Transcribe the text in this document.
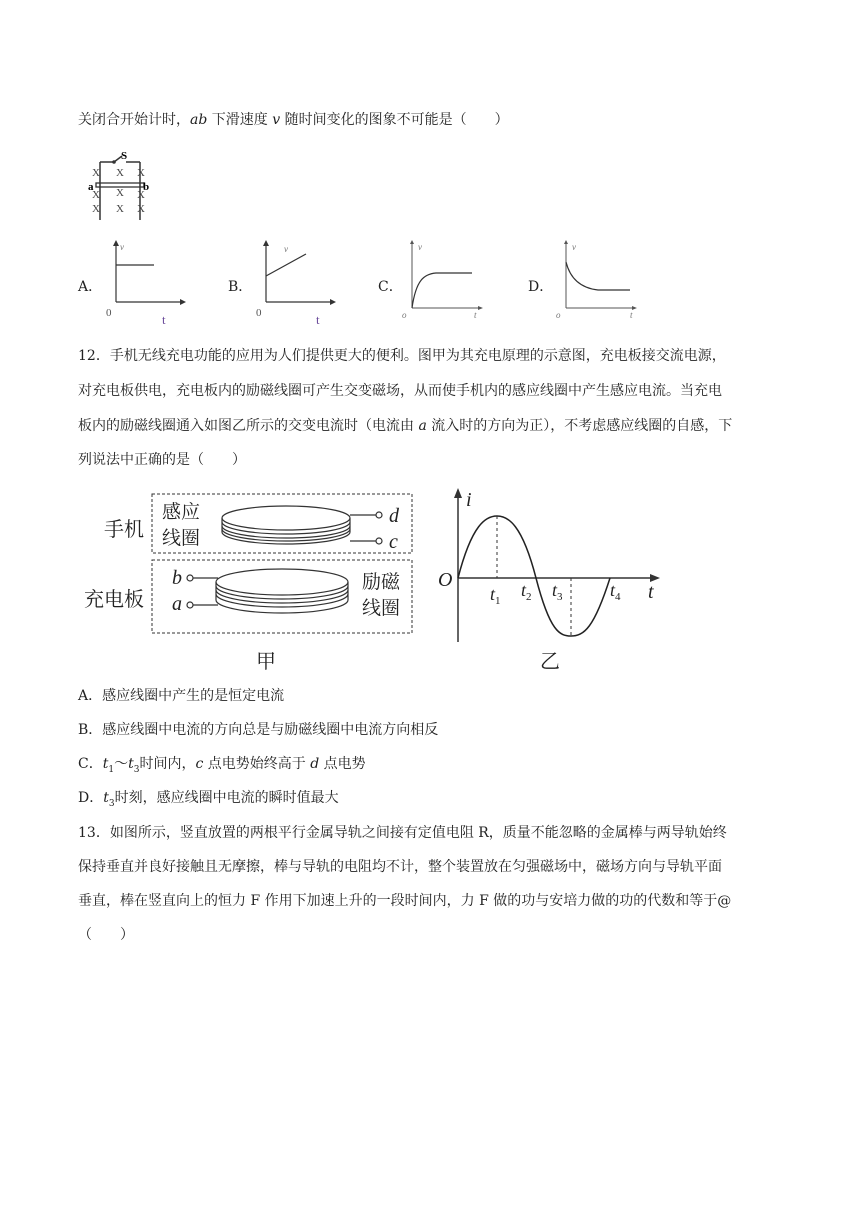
关闭合开始计时，ab 下滑速度 v 随时间变化的图象不可能是（　　）
S
a	b
X X X
X
X X X
X	X
A．
v
0	t
B．
v
0	t
C．
v
o	t
D．
v
o	t
12．手机无线充电功能的应用为人们提供更大的便利。图甲为其充电原理的示意图，充电板接交流电源，
对充电板供电，充电板内的励磁线圈可产生交变磁场，从而使手机内的感应线圈中产生感应电流。当充电
板内的励磁线圈通入如图乙所示的交变电流时（电流由 a 流入时的方向为正），不考虑感应线圈的自感，下
列说法中正确的是（　　）
手机
感应
线圈
d
c
充电板
b
a
励磁
线圈
甲
i
O
t
$t_1$
$t_2$ $t_3$	$t_4$
乙
A．感应线圈中产生的是恒定电流
B．感应线圈中电流的方向总是与励磁线圈中电流方向相反
C．$t_1\sim t_3$时间内，c 点电势始终高于 d 点电势
D．$t_3$时刻，感应线圈中电流的瞬时值最大
13．如图所示，竖直放置的两根平行金属导轨之间接有定值电阻 R，质量不能忽略的金属棒与两导轨始终
保持垂直并良好接触且无摩擦，棒与导轨的电阻均不计，整个装置放在匀强磁场中，磁场方向与导轨平面
垂直，棒在竖直向上的恒力 F 作用下加速上升的一段时间内，力 F 做的功与安培力做的功的代数和等于@
（　　）
